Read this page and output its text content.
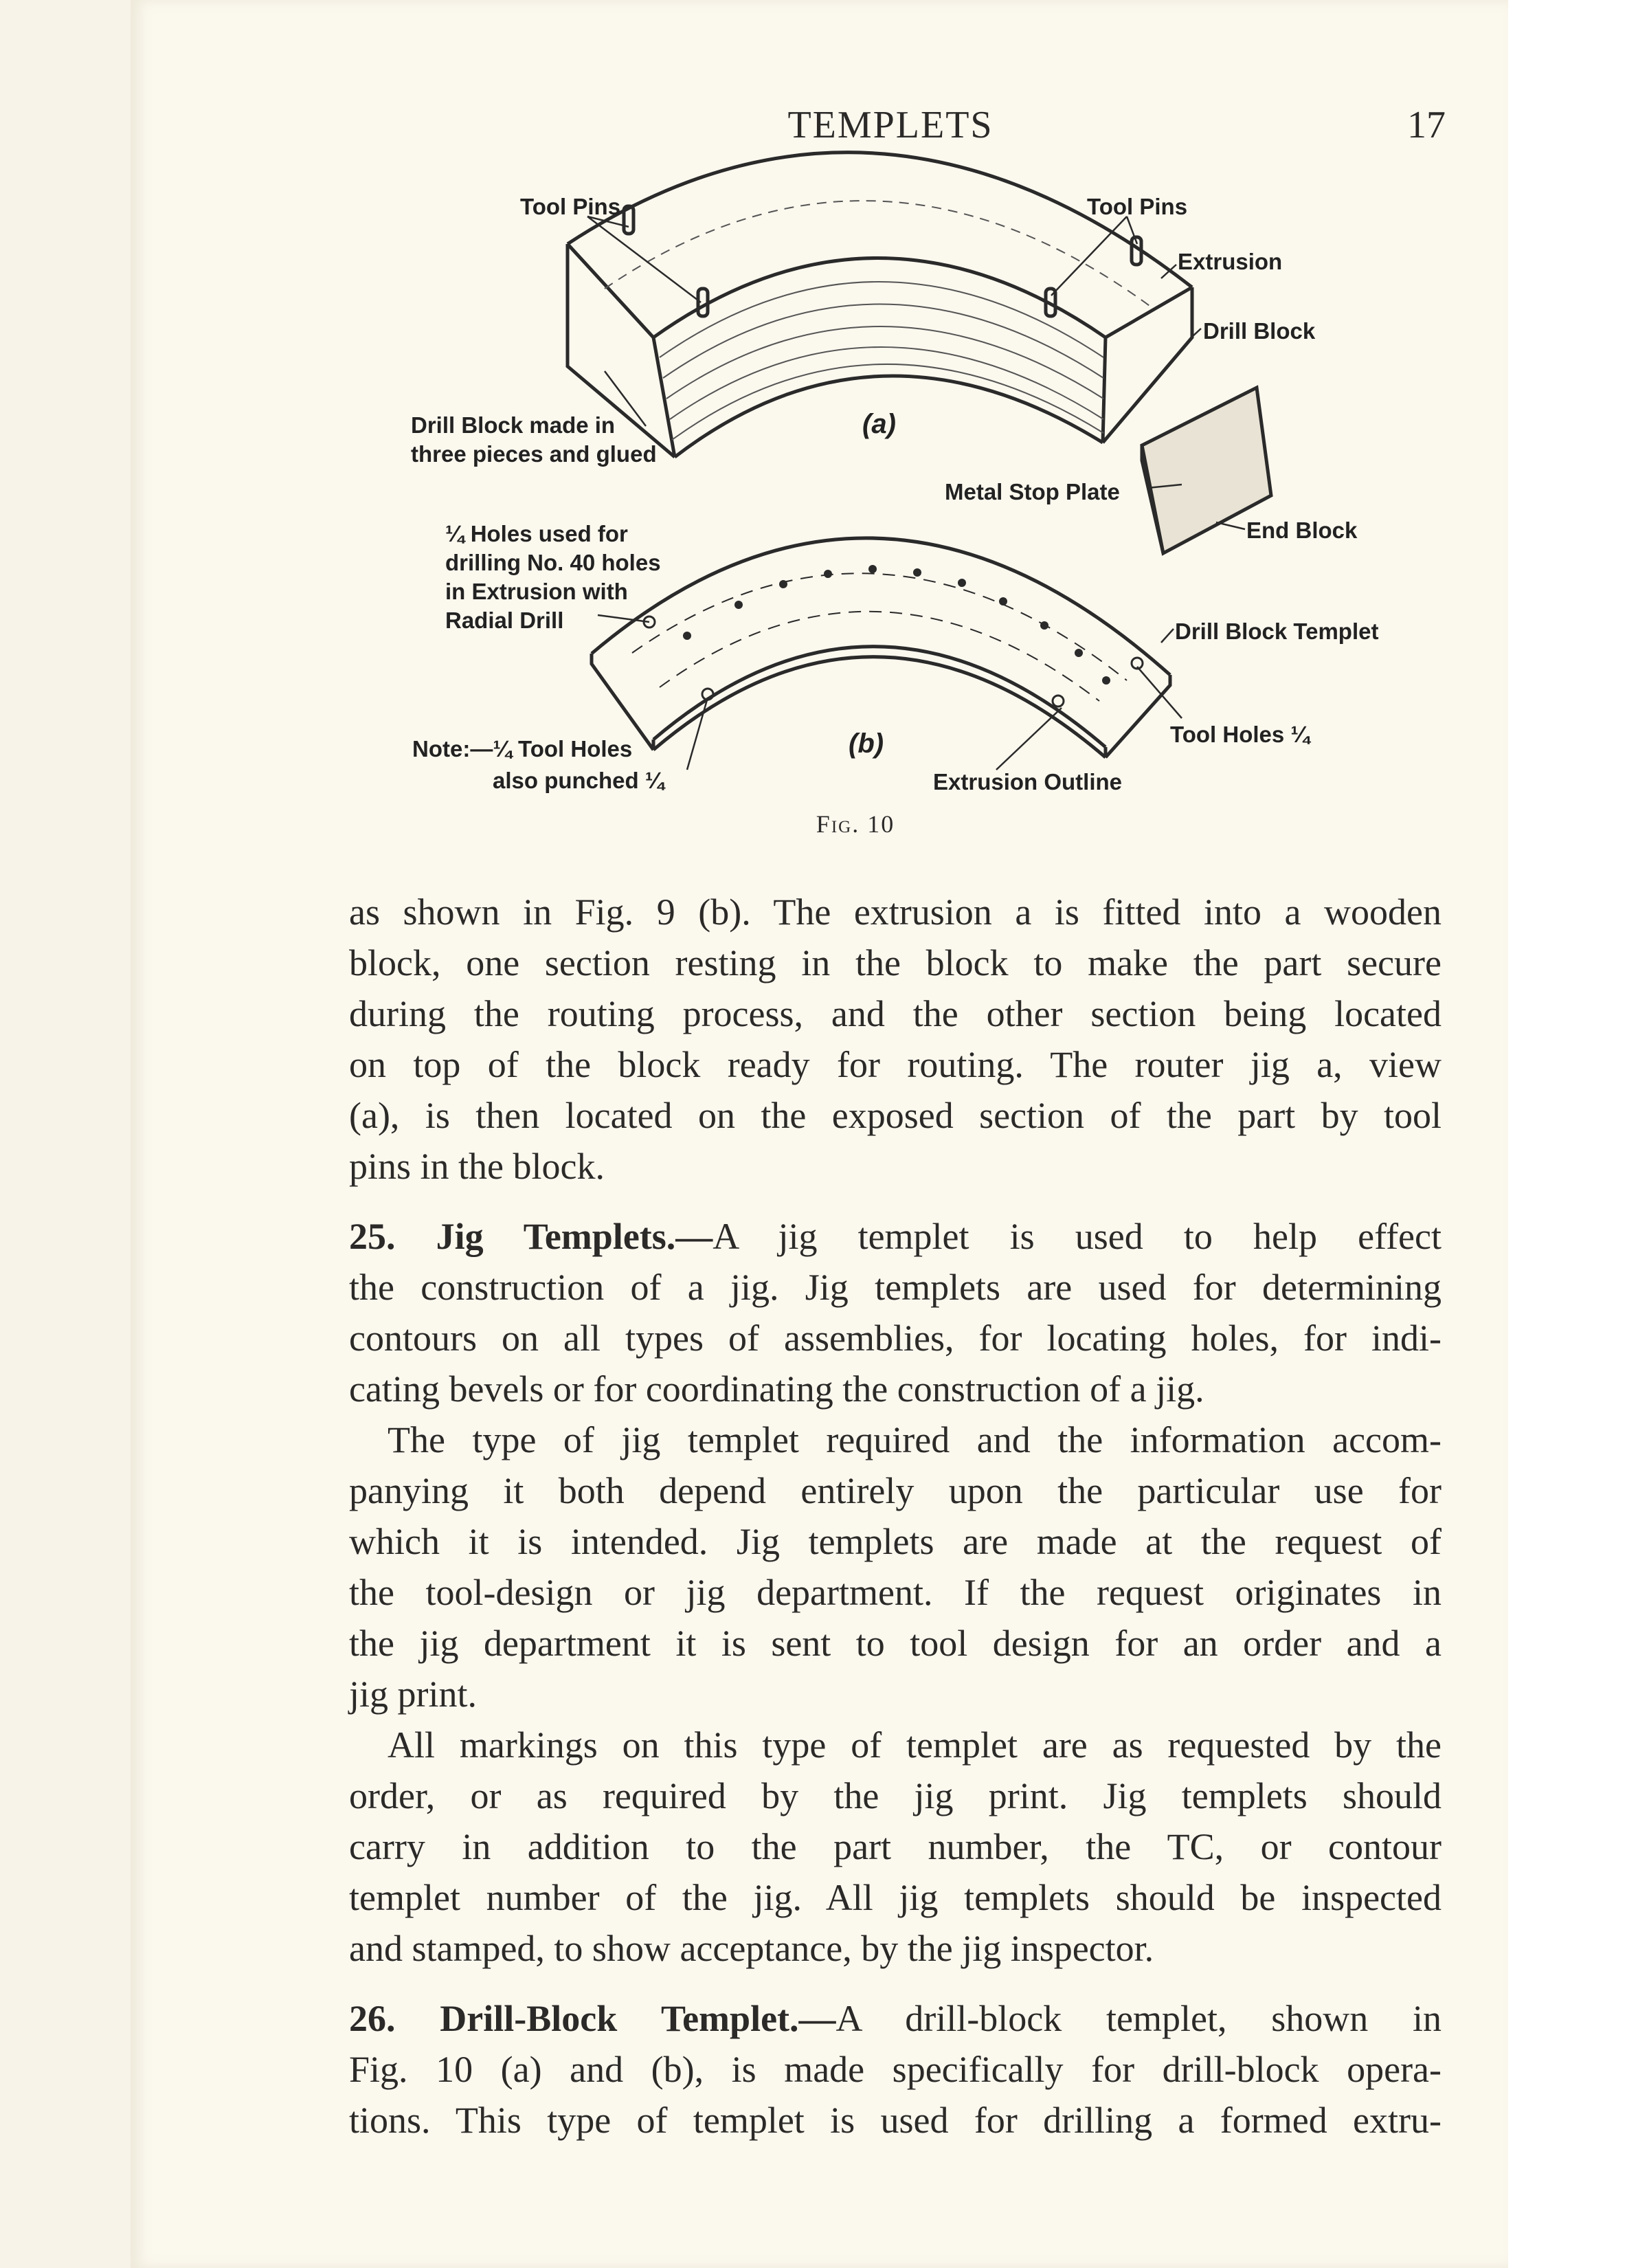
TEMPLETS	17
Tool Pins	Tool Pins
Extrusion
Drill Block
Drill Block made in
three pieces and glued
(a)
Metal Stop Plate
End Block
¼ Holes used for
drilling No. 40 holes
in Extrusion with
Radial Drill	Drill Block Templet
Tool Holes ¼
Note:—¼ Tool Holes
also punched ¼
(b)
Extrusion Outline
Fig. 10
as shown in Fig. 9 (b). The extrusion a is fitted into a wooden
block, one section resting in the block to make the part secure
during the routing process, and the other section being located
on top of the block ready for routing. The router jig a, view
(a), is then located on the exposed section of the part by tool
pins in the block.
25. Jig Templets.—A jig templet is used to help effect
the construction of a jig. Jig templets are used for determining
contours on all types of assemblies, for locating holes, for indi-
cating bevels or for coordinating the construction of a jig.
The type of jig templet required and the information accom-
panying it both depend entirely upon the particular use for
which it is intended. Jig templets are made at the request of
the tool-design or jig department. If the request originates in
the jig department it is sent to tool design for an order and a
jig print.
All markings on this type of templet are as requested by the
order, or as required by the jig print. Jig templets should
carry in addition to the part number, the TC, or contour
templet number of the jig. All jig templets should be inspected
and stamped, to show acceptance, by the jig inspector.
26. Drill-Block Templet.—A drill-block templet, shown in
Fig. 10 (a) and (b), is made specifically for drill-block opera-
tions. This type of templet is used for drilling a formed extru-
